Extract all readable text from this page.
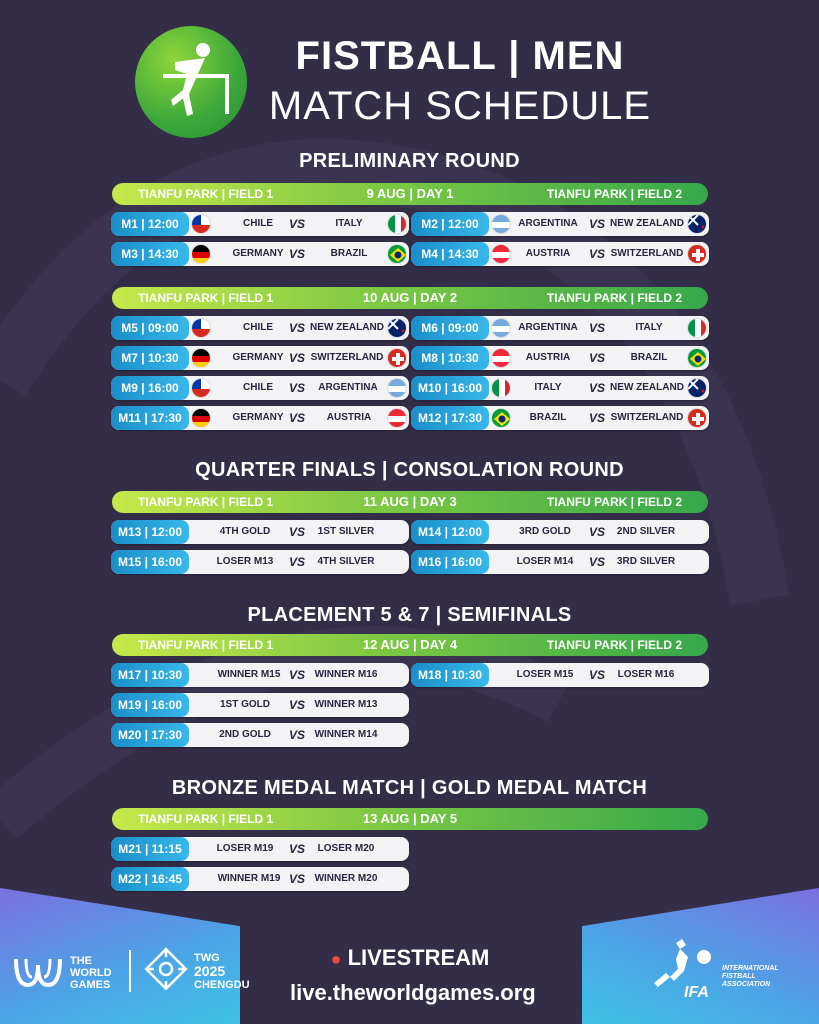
FISTBALL | MEN
MATCH SCHEDULE
PRELIMINARY ROUND
TIANFU PARK | FIELD 1	9 AUG | DAY 1	TIANFU PARK | FIELD 2
M1 | 12:00	CHILE	VS	ITALY	M2 | 12:00	ARGENTINA VS NEW ZEALAND
M3 | 14:30	GERMANY VS	BRAZIL	M4 | 14:30	AUSTRIA	VS SWITZERLAND
TIANFU PARK | FIELD 1	10 AUG | DAY 2	TIANFU PARK | FIELD 2
M5 | 09:00	CHILE	VS NEW ZEALAND	M6 | 09:00	ARGENTINA VS	ITALY
M7 | 10:30	GERMANY VS SWITZERLAND	M8 | 10:30	AUSTRIA	VS	BRAZIL
M9 | 16:00	CHILE	VS	ARGENTINA	M10 | 16:00	ITALY	VS NEW ZEALAND
M11 | 17:30	GERMANY VS	AUSTRIA	M12 | 17:30	BRAZIL	VS SWITZERLAND
QUARTER FINALS | CONSOLATION ROUND
TIANFU PARK | FIELD 1	11 AUG | DAY 3	TIANFU PARK | FIELD 2
M13 | 12:00	4TH GOLD	VS	1ST SILVER	M14 | 12:00	3RD GOLD	VS	2ND SILVER
M15 | 16:00	LOSER M13	VS	4TH SILVER	M16 | 16:00	LOSER M14	VS	3RD SILVER
PLACEMENT 5 & 7 | SEMIFINALS
TIANFU PARK | FIELD 1	12 AUG | DAY 4	TIANFU PARK | FIELD 2
M17 | 10:30	WINNER M15 VS WINNER M16	M18 | 10:30	LOSER M15	VS	LOSER M16
M19 | 16:00	1ST GOLD	VS WINNER M13
M20 | 17:30	2ND GOLD	VS WINNER M14
BRONZE MEDAL MATCH | GOLD MEDAL MATCH
TIANFU PARK | FIELD 1	13 AUG | DAY 5
M21 | 11:15	LOSER M19	VS	LOSER M20
M22 | 16:45	WINNER M19 VS WINNER M20
THE
WORLD
GAMES
TWG
2025
CHENGDU
● LIVESTREAM
live.theworldgames.org	IFA
INTERNATIONAL
FISTBALL
ASSOCIATION
